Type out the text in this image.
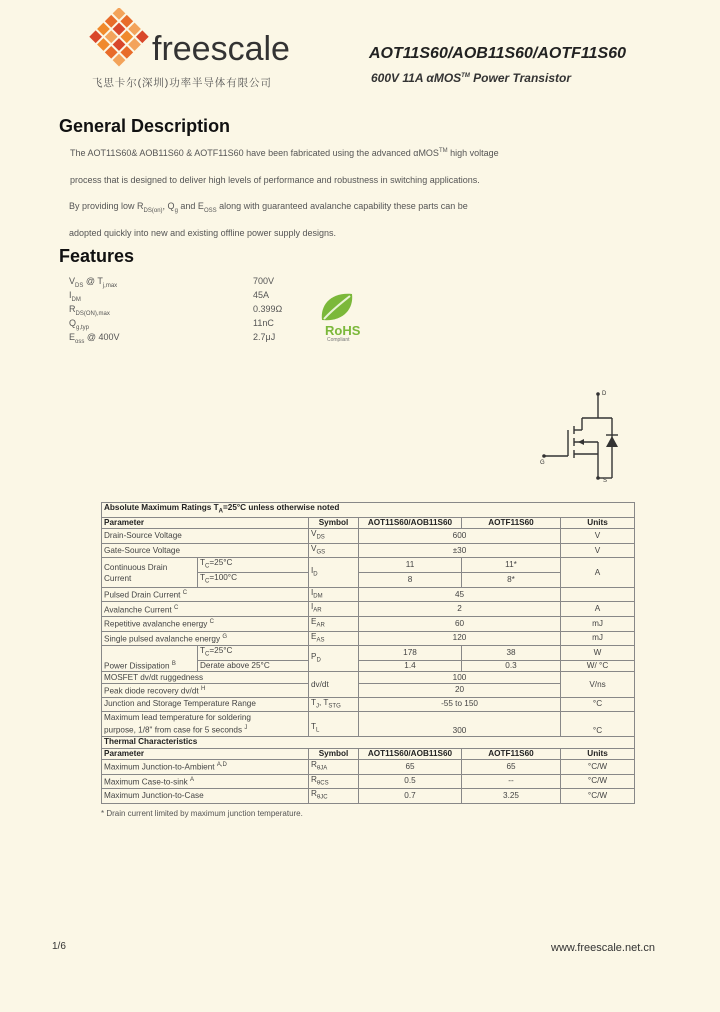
freescale
飞思卡尔(深圳)功率半导体有限公司
AOT11S60/AOB11S60/AOTF11S60
600V 11A αMOS™ Power Transistor
General Description
The AOT11S60& AOB11S60 & AOTF11S60 have been fabricated using the advanced αMOS™ high voltage
process that is designed to deliver high levels of performance and robustness in switching applications.
By providing low $R_{DS(on)}$, $Q_g$ and $E_{OSS}$ along with guaranteed avalanche capability these parts can be
adopted quickly into new and existing offline power supply designs.
Features
$V_{DS}$ @ $T_{j,max}$	700V
$I_{DM}$	45A
$R_{DS(ON),max}$	0.399Ω
$Q_{g,typ}$	11nC
$E_{oss}$ @ 400V	2.7μJ	RoHS
Compliant
D
G
S
Absolute Maximum Ratings $T_A=25^\circ C$ unless otherwise noted					
Parameter		Symbol	AOT11S60/AOB11S60	AOTF11S60	Units
Drain-Source Voltage		$V_{DS}$	600		V
Gate-Source Voltage		$V_{GS}$	±30		V
Continuous Drain
Current	$T_C=25^\circ C$	$I_D$	11	11*	A
	$T_C=100^\circ C$		8	8*	
Pulsed Drain Current $^C$		$I_{DM}$	45		
Avalanche Current $^C$		$I_{AR}$	2		A
Repetitive avalanche energy $^C$		$E_{AR}$	60		mJ
Single pulsed avalanche energy $^G$		$E_{AS}$	120		mJ
Power Dissipation $^B$	$T_C=25^\circ C$	$P_D$	178	38	W
	Derate above 25°C		1.4	0.3	W/ °C
MOSFET dv/dt ruggedness		dv/dt	100		V/ns
Peak diode recovery dv/dt $^H$			20		
Junction and Storage Temperature Range		$T_J$, $T_{STG}$	-55 to 150		°C
Maximum lead temperature for soldering
purpose, 1/8" from case for 5 seconds $^J$		$T_L$	300		°C
Thermal Characteristics					
Parameter		Symbol	AOT11S60/AOB11S60	AOTF11S60	Units
Maximum Junction-to-Ambient $^{A,D}$		$R_{\theta JA}$	65	65	°C/W
Maximum Case-to-sink $^A$		$R_{\theta CS}$	0.5	--	°C/W
Maximum Junction-to-Case		$R_{\theta JC}$	0.7	3.25	°C/W
* Drain current limited by maximum junction temperature.
1/6	www.freescale.net.cn
